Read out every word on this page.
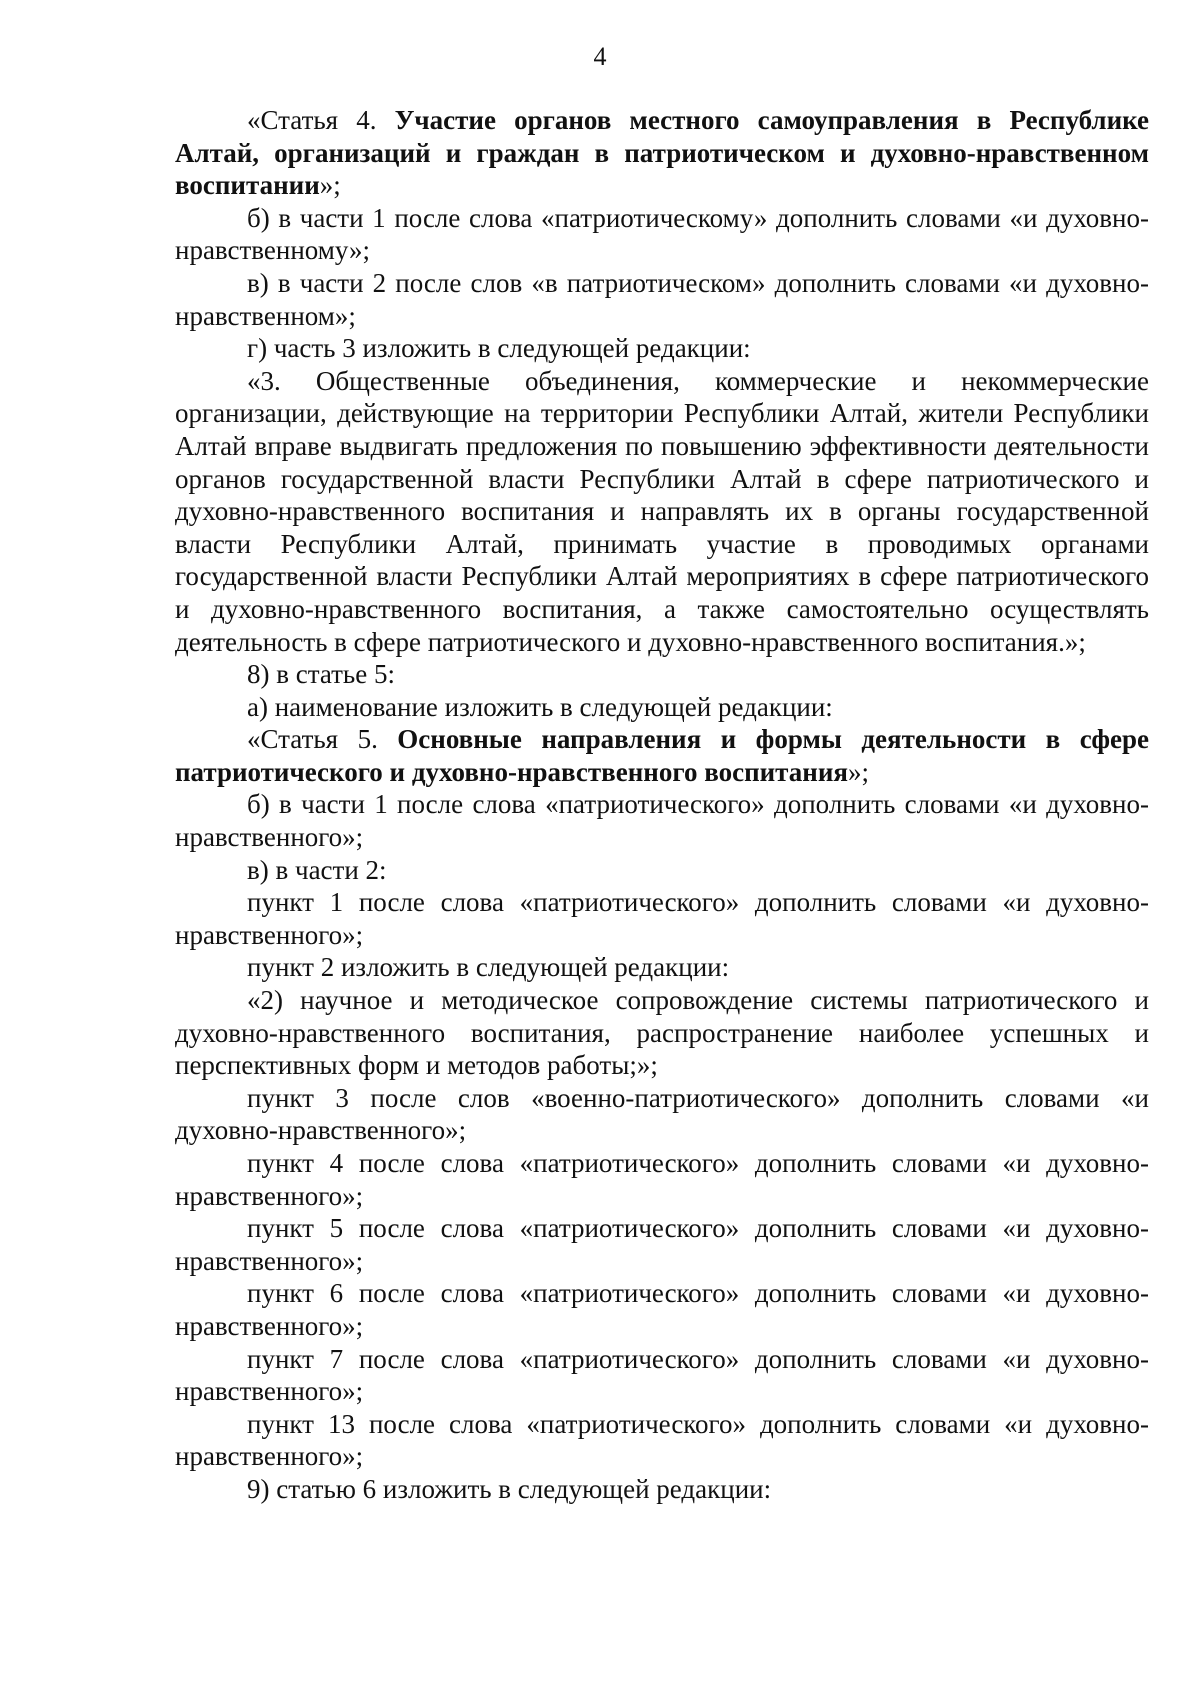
4

«Статья 4. Участие органов местного самоуправления в Республике Алтай, организаций и граждан в патриотическом и духовно-нравственном воспитании»;

б) в части 1 после слова «патриотическому» дополнить словами «и духовно-нравственному»;

в) в части 2 после слов «в патриотическом» дополнить словами «и духовно-нравственном»;

г) часть 3 изложить в следующей редакции:

«3. Общественные объединения, коммерческие и некоммерческие организации, действующие на территории Республики Алтай, жители Республики Алтай вправе выдвигать предложения по повышению эффективности деятельности органов государственной власти Республики Алтай в сфере патриотического и духовно-нравственного воспитания и направлять их в органы государственной власти Республики Алтай, принимать участие в проводимых органами государственной власти Республики Алтай мероприятиях в сфере патриотического и духовно-нравственного воспитания, а также самостоятельно осуществлять деятельность в сфере патриотического и духовно-нравственного воспитания.»;

8) в статье 5:

а) наименование изложить в следующей редакции:

«Статья 5. Основные направления и формы деятельности в сфере патриотического и духовно-нравственного воспитания»;

б) в части 1 после слова «патриотического» дополнить словами «и духовно-нравственного»;

в) в части 2:

пункт 1 после слова «патриотического» дополнить словами «и духовно-нравственного»;

пункт 2 изложить в следующей редакции:

«2) научное и методическое сопровождение системы патриотического и духовно-нравственного воспитания, распространение наиболее успешных и перспективных форм и методов работы;»;

пункт 3 после слов «военно-патриотического» дополнить словами «и духовно-нравственного»;

пункт 4 после слова «патриотического» дополнить словами «и духовно-нравственного»;

пункт 5 после слова «патриотического» дополнить словами «и духовно-нравственного»;

пункт 6 после слова «патриотического» дополнить словами «и духовно-нравственного»;

пункт 7 после слова «патриотического» дополнить словами «и духовно-нравственного»;

пункт 13 после слова «патриотического» дополнить словами «и духовно-нравственного»;

9) статью 6 изложить в следующей редакции:
